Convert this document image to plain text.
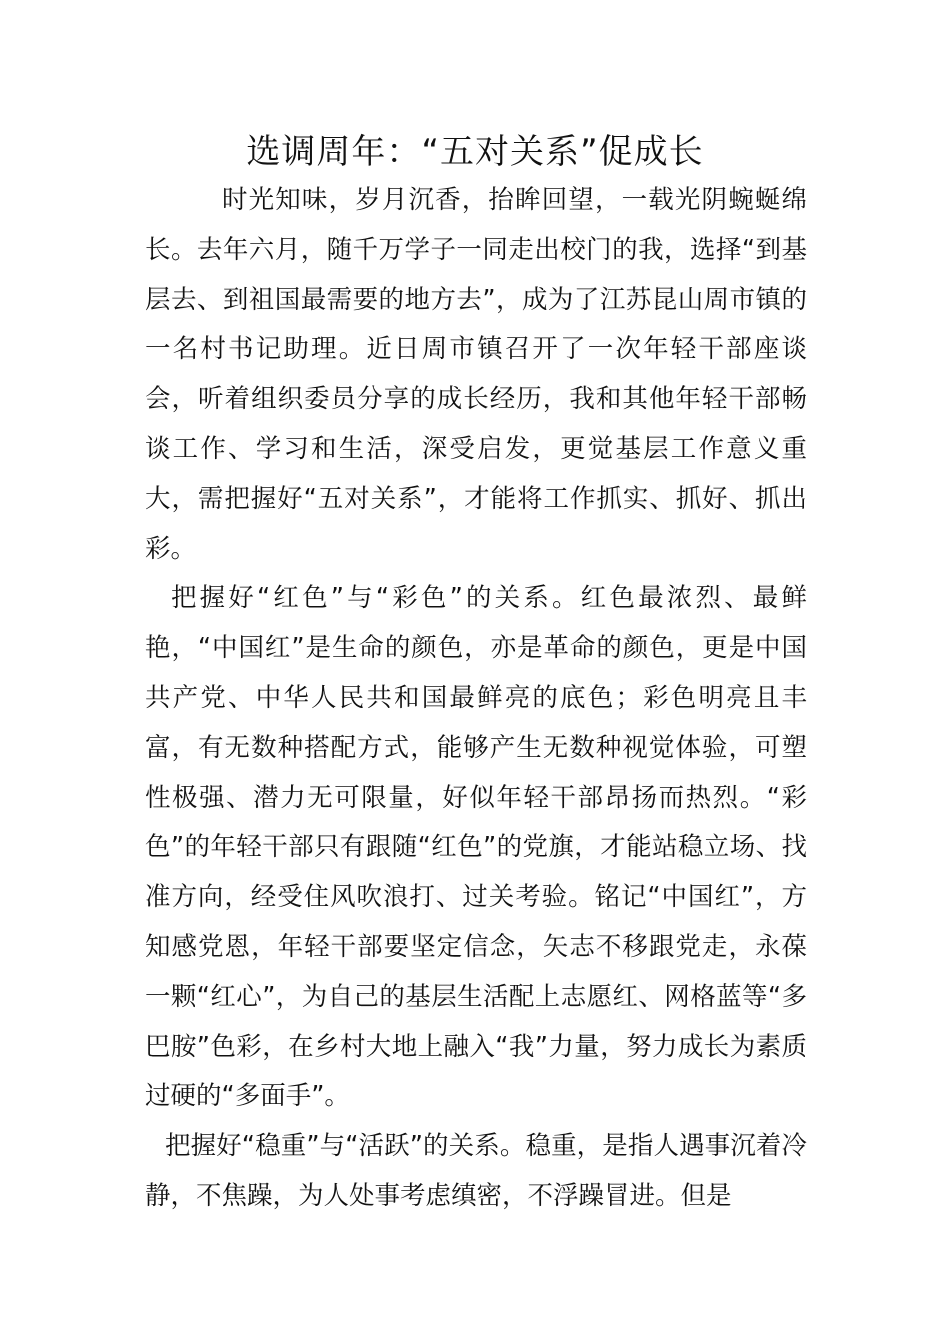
选调周年：“五对关系”促成长

时光知味，岁月沉香，抬眸回望，一载光阴蜿蜒绵长。去年六月，随千万学子一同走出校门的我，选择“到基层去、到祖国最需要的地方去”，成为了江苏昆山周市镇的一名村书记助理。近日周市镇召开了一次年轻干部座谈会，听着组织委员分享的成长经历，我和其他年轻干部畅谈工作、学习和生活，深受启发，更觉基层工作意义重大，需把握好“五对关系”，才能将工作抓实、抓好、抓出彩。

把握好“红色”与“彩色”的关系。红色最浓烈、最鲜艳，“中国红”是生命的颜色，亦是革命的颜色，更是中国共产党、中华人民共和国最鲜亮的底色；彩色明亮且丰富，有无数种搭配方式，能够产生无数种视觉体验，可塑性极强、潜力无可限量，好似年轻干部昂扬而热烈。“彩色”的年轻干部只有跟随“红色”的党旗，才能站稳立场、找准方向，经受住风吹浪打、过关考验。铭记“中国红”，方知感党恩，年轻干部要坚定信念，矢志不移跟党走，永葆一颗“红心”，为自己的基层生活配上志愿红、网格蓝等“多巴胺”色彩，在乡村大地上融入“我”力量，努力成长为素质过硬的“多面手”。

把握好“稳重”与“活跃”的关系。稳重，是指人遇事沉着冷静，不焦躁，为人处事考虑缜密，不浮躁冒进。但是
